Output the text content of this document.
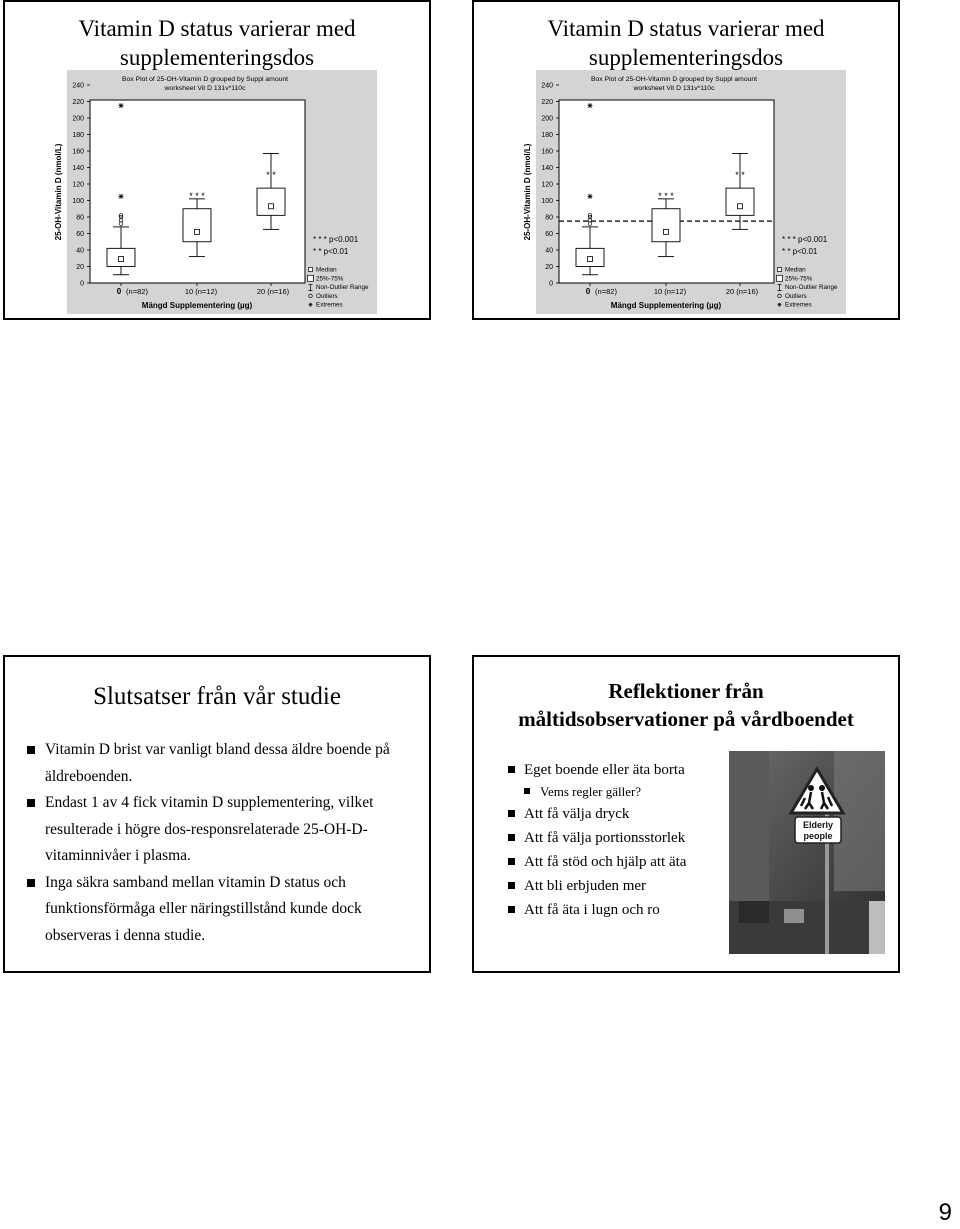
Vitamin D status varierar med
supplementeringsdos
Box Plot of 25-OH-Vitamin D grouped by Suppl amount
worksheet Vit D 131v*110c
0
20
40
60
80
100
120
140
160
180
200
220
240
25-OH-Vitamin D (nmol/L)	* * *
* *
0 (n=82)	10 (n=12)	20 (n=16)
Mängd Supplementering (µg)
* * * p<0.001
* * p<0.01
Median
25%-75%
Non-Outlier Range
Outliers
Extremes
Vitamin D status varierar med
supplementeringsdos
Box Plot of 25-OH-Vitamin D grouped by Suppl amount
worksheet Vit D 131v*110c
0
20
40
60
80
100
120
140
160
180
200
220
240
25-OH-Vitamin D (nmol/L)	* * *
* *
0 (n=82)	10 (n=12)	20 (n=16)
Mängd Supplementering (µg)
* * * p<0.001
* * p<0.01
Median
25%-75%
Non-Outlier Range
Outliers
Extremes
Slutsatser från vår studie
Vitamin D brist var vanligt bland dessa äldre boende på äldreboenden.
Endast 1 av 4 fick vitamin D supplementering, vilket resulterade i högre dos-responsrelaterade 25-OH-D-vitaminnivåer i plasma.
Inga säkra samband mellan vitamin D status och funktionsförmåga eller näringstillstånd kunde dock observeras i denna studie.
Reflektioner från
måltidsobservationer på vårdboendet
Eget boende eller äta borta
Vems regler gäller?
Att få välja dryck
Att få välja portionsstorlek
Att få stöd och hjälp att äta
Att bli erbjuden mer
Att få äta i lugn och ro
Elderly
people
9
